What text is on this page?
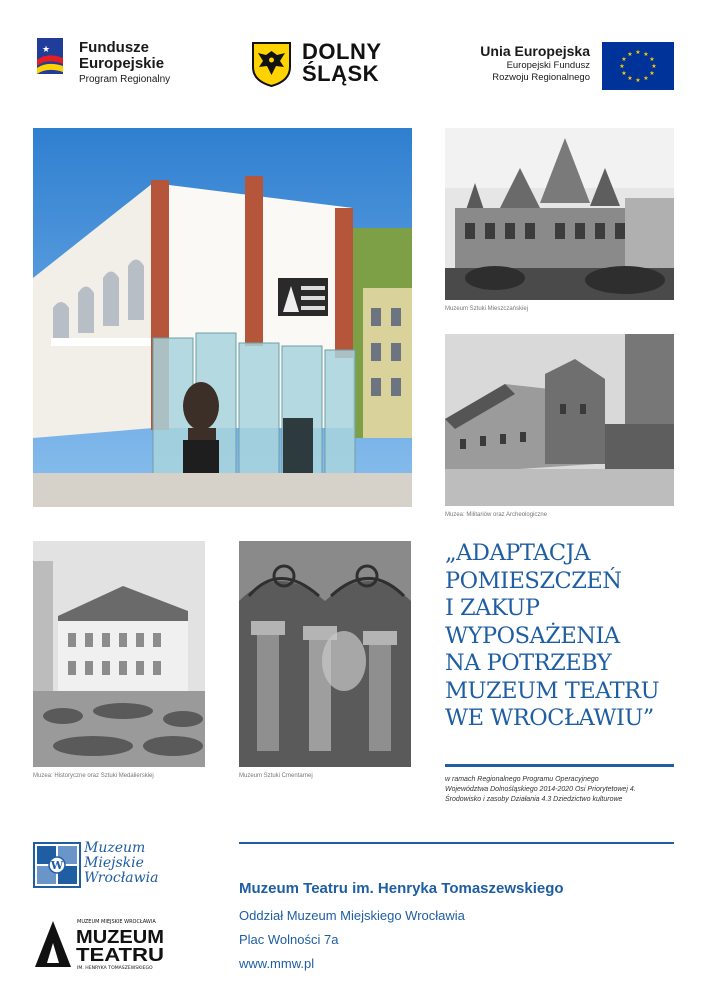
★ Fundusze
Europejskie
Program Regionalny
DOLNY
ŚLĄSK
Unia Europejska
Europejski Fundusz
Rozwoju Regionalnego
★ ★
★
★
★
★
★
★
★
★
★
★
Muzeum Sztuki Mieszczańskiej
Muzea: Militariów oraz Archeologiczne
Muzea: Historyczne oraz Sztuki Medalierskiej	Muzeum Sztuki Cmentarnej
„ADAPTACJA
POMIESZCZEŃ
I ZAKUP
WYPOSAŻENIA
NA POTRZEBY
MUZEUM TEATRU
WE WROCŁAWIU”
w ramach Regionalnego Programu Operacyjnego
Województwa Dolnośląskiego 2014-2020 Osi Priorytetowej 4.
Środowisko i zasoby Działania 4.3 Dziedzictwo kulturowe
W
Muzeum
Miejskie
Wrocławia
MUZEUM MIEJSKIE WROCŁAWIA
MUZEUM
TEATRU
IM. HENRYKA TOMASZEWSKIEGO
Muzeum Teatru im. Henryka Tomaszewskiego
Oddział Muzeum Miejskiego Wrocławia
Plac Wolności 7a
www.mmw.pl
